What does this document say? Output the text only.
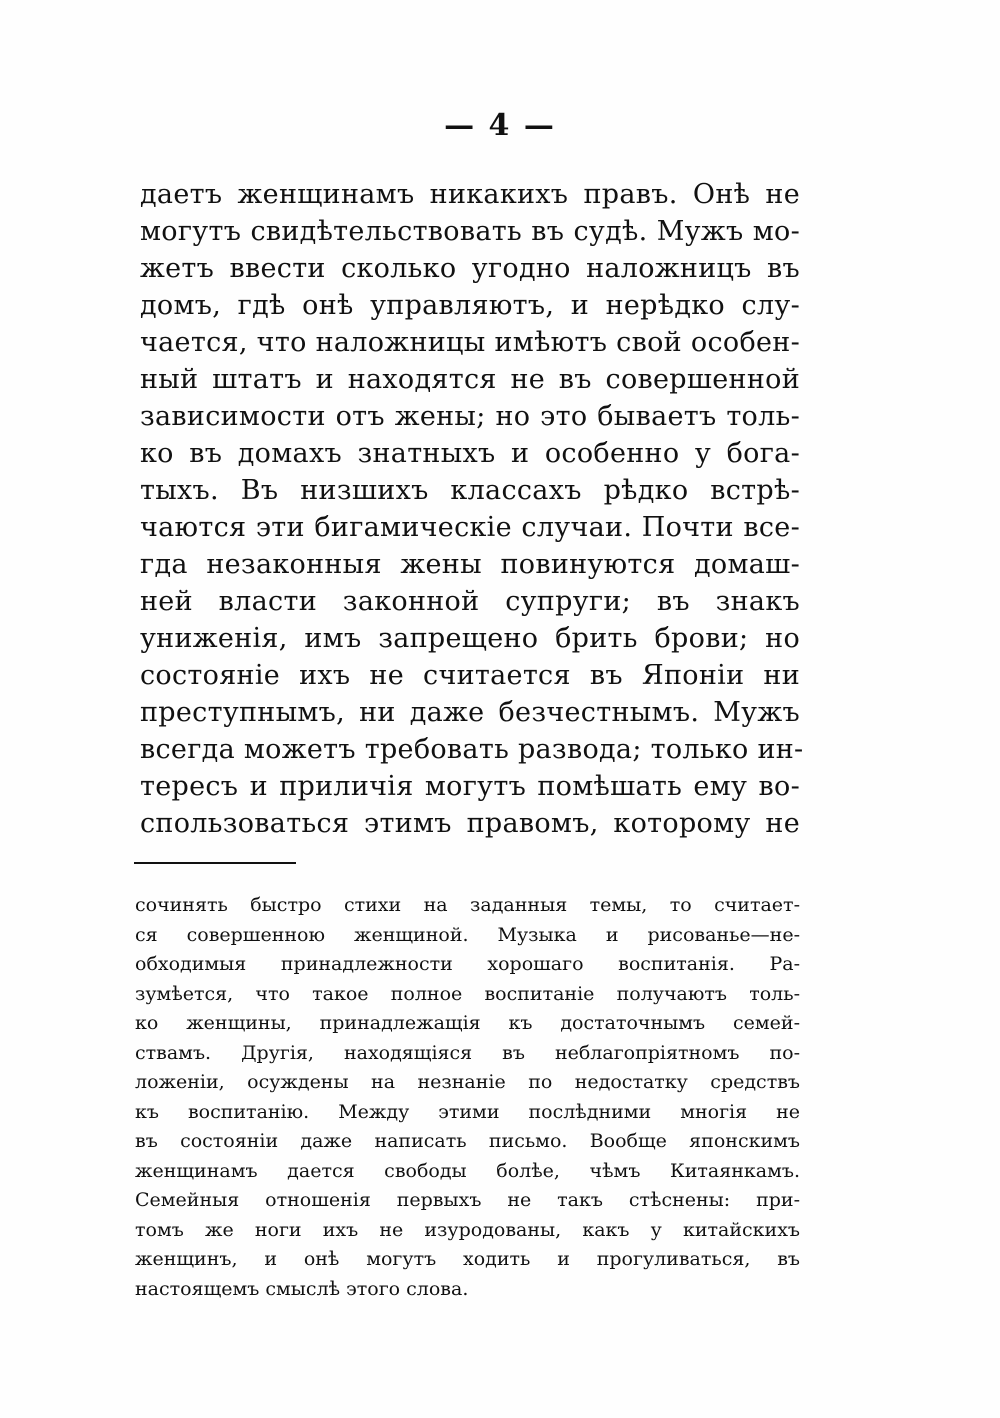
— 4 —
даетъ женщинамъ никакихъ правъ. Онѣ не
могутъ свидѣтельствовать въ судѣ. Мужъ мо-
жетъ ввести сколько угодно наложницъ въ
домъ, гдѣ онѣ управляютъ, и нерѣдко слу-
чается, что наложницы имѣютъ свой особен-
ный штатъ и находятся не въ совершенной
зависимости отъ жены; но это бываетъ толь-
ко въ домахъ знатныхъ и особенно у бога-
тыхъ. Въ низшихъ классахъ рѣдко встрѣ-
чаются эти бигамическіе случаи. Почти все-
гда незаконныя жены повинуются домаш-
ней власти законной супруги; въ знакъ
униженія, имъ запрещено брить брови; но
состояніе ихъ не считается въ Японіи ни
преступнымъ, ни даже безчестнымъ. Мужъ
всегда можетъ требовать развода; только ин-
тересъ и приличія могутъ помѣшать ему во-
спользоваться этимъ правомъ, которому не
сочинять быстро стихи на заданныя темы, то считает-
ся совершенною женщиной. Музыка и рисованье—не-
обходимыя принадлежности хорошаго воспитанія. Ра-
зумѣется, что такое полное воспитаніе получаютъ толь-
ко женщины, принадлежащія къ достаточнымъ семей-
ствамъ. Другія, находящіяся въ неблагопріятномъ по-
ложеніи, осуждены на незнаніе по недостатку средствъ
къ воспитанію. Между этими послѣдними многія не
въ состояніи даже написать письмо. Вообще японскимъ
женщинамъ дается свободы болѣе, чѣмъ Китаянкамъ.
Семейныя отношенія первыхъ не такъ стѣснены: при-
томъ же ноги ихъ не изуродованы, какъ у китайскихъ
женщинъ, и онѣ могутъ ходить и прогуливаться, въ
настоящемъ смыслѣ этого слова.
